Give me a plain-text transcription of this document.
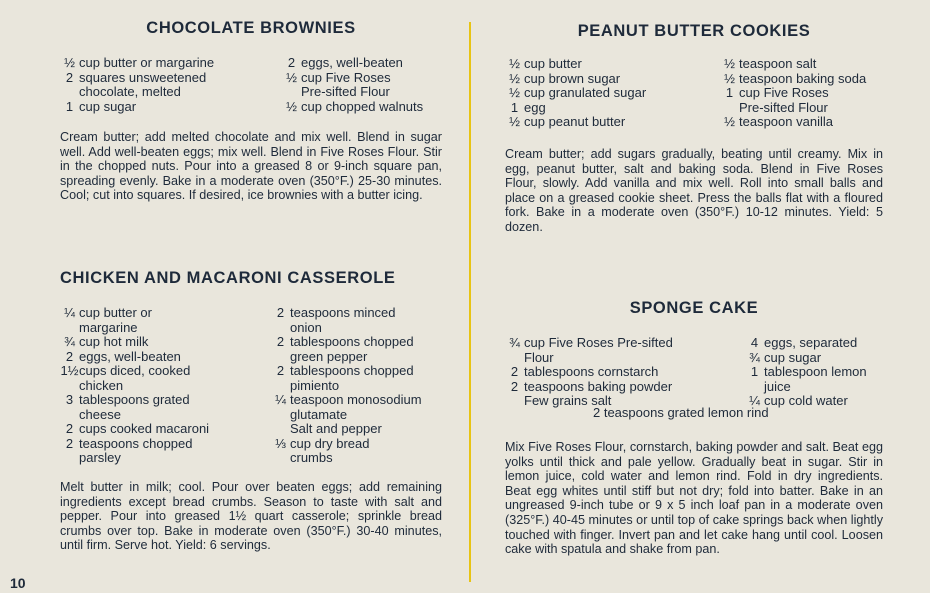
CHOCOLATE BROWNIES
½ cup butter or margarine
2 squares unsweetened
chocolate, melted
1 cup sugar
2 eggs, well-beaten
½ cup Five Roses
Pre-sifted Flour
½ cup chopped walnuts

Cream butter; add melted chocolate and mix well. Blend in sugar well. Add well-beaten eggs; mix well. Blend in Five Roses Flour. Stir in the chopped nuts. Pour into a greased 8 or 9-inch square pan, spreading evenly. Bake in a moderate oven (350°F.) 25-30 minutes. Cool; cut into squares. If desired, ice brownies with a butter icing.

CHICKEN AND MACARONI CASSEROLE
¼ cup butter or
margarine
¾ cup hot milk
2 eggs, well-beaten
1½ cups diced, cooked
chicken
3 tablespoons grated
cheese
2 cups cooked macaroni
2 teaspoons chopped
parsley
2 teaspoons minced
onion
2 tablespoons chopped
green pepper
2 tablespoons chopped
pimiento
¼ teaspoon monosodium
glutamate
Salt and pepper
⅓ cup dry bread
crumbs

Melt butter in milk; cool. Pour over beaten eggs; add remaining ingredients except bread crumbs. Season to taste with salt and pepper. Pour into greased 1½ quart casserole; sprinkle bread crumbs over top. Bake in moderate oven (350°F.) 30-40 minutes, until firm. Serve hot. Yield: 6 servings.

PEANUT BUTTER COOKIES
½ cup butter
½ cup brown sugar
½ cup granulated sugar
1 egg
½ cup peanut butter
½ teaspoon salt
½ teaspoon baking soda
1 cup Five Roses
Pre-sifted Flour
½ teaspoon vanilla

Cream butter; add sugars gradually, beating until creamy. Mix in egg, peanut butter, salt and baking soda. Blend in Five Roses Flour, slowly. Add vanilla and mix well. Roll into small balls and place on a greased cookie sheet. Press the balls flat with a floured fork. Bake in a moderate oven (350°F.) 10-12 minutes. Yield: 5 dozen.

SPONGE CAKE
¾ cup Five Roses Pre-sifted
Flour
2 tablespoons cornstarch
2 teaspoons baking powder
Few grains salt
4 eggs, separated
¾ cup sugar
1 tablespoon lemon
juice
¼ cup cold water
2 teaspoons grated lemon rind

Mix Five Roses Flour, cornstarch, baking powder and salt. Beat egg yolks until thick and pale yellow. Gradually beat in sugar. Stir in lemon juice, cold water and lemon rind. Fold in dry ingredients. Beat egg whites until stiff but not dry; fold into batter. Bake in an ungreased 9-inch tube or 9 x 5 inch loaf pan in a moderate oven (325°F.) 40-45 minutes or until top of cake springs back when lightly touched with finger. Invert pan and let cake hang until cool. Loosen cake with spatula and shake from pan.

10
